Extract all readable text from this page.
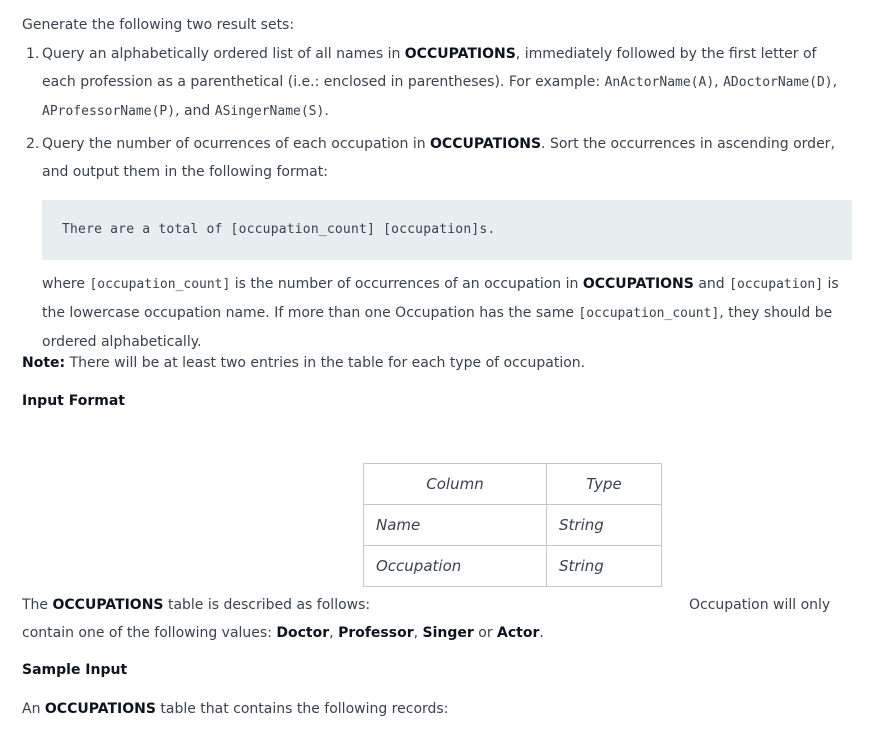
Generate the following two result sets:
1. Query an alphabetically ordered list of all names in OCCUPATIONS, immediately followed by the first letter of each profession as a parenthetical (i.e.: enclosed in parentheses). For example: AnActorName(A), ADoctorName(D), AProfessorName(P), and ASingerName(S).
2. Query the number of ocurrences of each occupation in OCCUPATIONS. Sort the occurrences in ascending order, and output them in the following format:
There are a total of [occupation_count] [occupation]s.
where [occupation_count] is the number of occurrences of an occupation in OCCUPATIONS and [occupation] is the lowercase occupation name. If more than one Occupation has the same [occupation_count], they should be ordered alphabetically.
Note: There will be at least two entries in the table for each type of occupation.
Input Format
Column	Type
Name	String
Occupation	String
The OCCUPATIONS table is described as follows:	Occupation will only
contain one of the following values: Doctor, Professor, Singer or Actor.
Sample Input
An OCCUPATIONS table that contains the following records:
